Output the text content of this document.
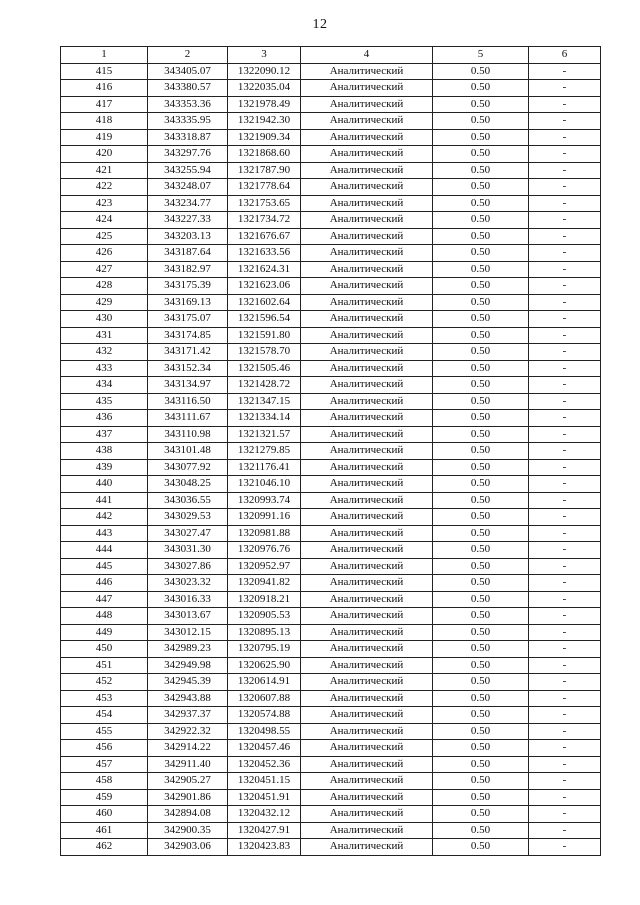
12
1	2	3	4	5	6
415	343405.07	1322090.12	Аналитический	0.50	-
416	343380.57	1322035.04	Аналитический	0.50	-
417	343353.36	1321978.49	Аналитический	0.50	-
418	343335.95	1321942.30	Аналитический	0.50	-
419	343318.87	1321909.34	Аналитический	0.50	-
420	343297.76	1321868.60	Аналитический	0.50	-
421	343255.94	1321787.90	Аналитический	0.50	-
422	343248.07	1321778.64	Аналитический	0.50	-
423	343234.77	1321753.65	Аналитический	0.50	-
424	343227.33	1321734.72	Аналитический	0.50	-
425	343203.13	1321676.67	Аналитический	0.50	-
426	343187.64	1321633.56	Аналитический	0.50	-
427	343182.97	1321624.31	Аналитический	0.50	-
428	343175.39	1321623.06	Аналитический	0.50	-
429	343169.13	1321602.64	Аналитический	0.50	-
430	343175.07	1321596.54	Аналитический	0.50	-
431	343174.85	1321591.80	Аналитический	0.50	-
432	343171.42	1321578.70	Аналитический	0.50	-
433	343152.34	1321505.46	Аналитический	0.50	-
434	343134.97	1321428.72	Аналитический	0.50	-
435	343116.50	1321347.15	Аналитический	0.50	-
436	343111.67	1321334.14	Аналитический	0.50	-
437	343110.98	1321321.57	Аналитический	0.50	-
438	343101.48	1321279.85	Аналитический	0.50	-
439	343077.92	1321176.41	Аналитический	0.50	-
440	343048.25	1321046.10	Аналитический	0.50	-
441	343036.55	1320993.74	Аналитический	0.50	-
442	343029.53	1320991.16	Аналитический	0.50	-
443	343027.47	1320981.88	Аналитический	0.50	-
444	343031.30	1320976.76	Аналитический	0.50	-
445	343027.86	1320952.97	Аналитический	0.50	-
446	343023.32	1320941.82	Аналитический	0.50	-
447	343016.33	1320918.21	Аналитический	0.50	-
448	343013.67	1320905.53	Аналитический	0.50	-
449	343012.15	1320895.13	Аналитический	0.50	-
450	342989.23	1320795.19	Аналитический	0.50	-
451	342949.98	1320625.90	Аналитический	0.50	-
452	342945.39	1320614.91	Аналитический	0.50	-
453	342943.88	1320607.88	Аналитический	0.50	-
454	342937.37	1320574.88	Аналитический	0.50	-
455	342922.32	1320498.55	Аналитический	0.50	-
456	342914.22	1320457.46	Аналитический	0.50	-
457	342911.40	1320452.36	Аналитический	0.50	-
458	342905.27	1320451.15	Аналитический	0.50	-
459	342901.86	1320451.91	Аналитический	0.50	-
460	342894.08	1320432.12	Аналитический	0.50	-
461	342900.35	1320427.91	Аналитический	0.50	-
462	342903.06	1320423.83	Аналитический	0.50	-
